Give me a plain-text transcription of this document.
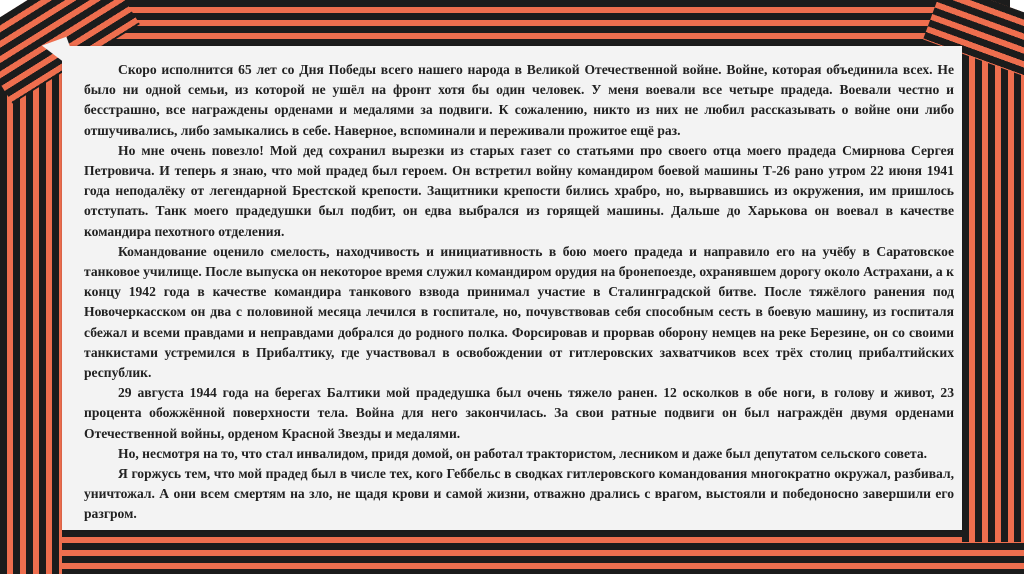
Скоро исполнится 65 лет со Дня Победы всего нашего народа в Великой Отечественной войне. Войне, которая объединила всех. Не было ни одной семьи, из которой не ушёл на фронт хотя бы один человек. У меня воевали все четыре прадеда. Воевали честно и бесстрашно, все награждены орденами и медалями за подвиги. К сожалению, никто из них не любил рассказывать о войне они либо отшучивались, либо замыкались в себе. Наверное, вспоминали и переживали прожитое ещё раз.

Но мне очень повезло! Мой дед сохранил вырезки из старых газет со статьями про своего отца моего прадеда Смирнова Сергея Петровича. И теперь я знаю, что мой прадед был героем. Он встретил войну командиром боевой машины Т-26 рано утром 22 июня 1941 года неподалёку от легендарной Брестской крепости. Защитники крепости бились храбро, но, вырвавшись из окружения, им пришлось отступать. Танк моего прадедушки был подбит, он едва выбрался из горящей машины. Дальше до Харькова он воевал в качестве командира пехотного отделения.

Командование оценило смелость, находчивость и инициативность в бою моего прадеда и направило его на учёбу в Саратовское танковое училище. После выпуска он некоторое время служил командиром орудия на бронепоезде, охранявшем дорогу около Астрахани, а к концу 1942 года в качестве командира танкового взвода принимал участие в Сталинградской битве. После тяжёлого ранения под Новочеркасском он два с половиной месяца лечился в госпитале, но, почувствовав себя способным сесть в боевую машину, из госпиталя сбежал и всеми правдами и неправдами добрался до родного полка. Форсировав и прорвав оборону немцев на реке Березине, он со своими танкистами устремился в Прибалтику, где участвовал в освобождении от гитлеровских захватчиков всех трёх столиц прибалтийских республик.

29 августа 1944 года на берегах Балтики мой прадедушка был очень тяжело ранен. 12 осколков в обе ноги, в голову и живот, 23 процента обожжённой поверхности тела. Война для него закончилась. За свои ратные подвиги он был награждён двумя орденами Отечественной войны, орденом Красной Звезды и медалями.

Но, несмотря на то, что стал инвалидом, придя домой, он работал трактористом, лесником и даже был депутатом сельского совета.

Я горжусь тем, что мой прадед был в числе тех, кого Геббельс в сводках гитлеровского командования многократно окружал, разбивал, уничтожал. А они всем смертям на зло, не щадя крови и самой жизни, отважно дрались с врагом, выстояли и победоносно завершили его разгром.
